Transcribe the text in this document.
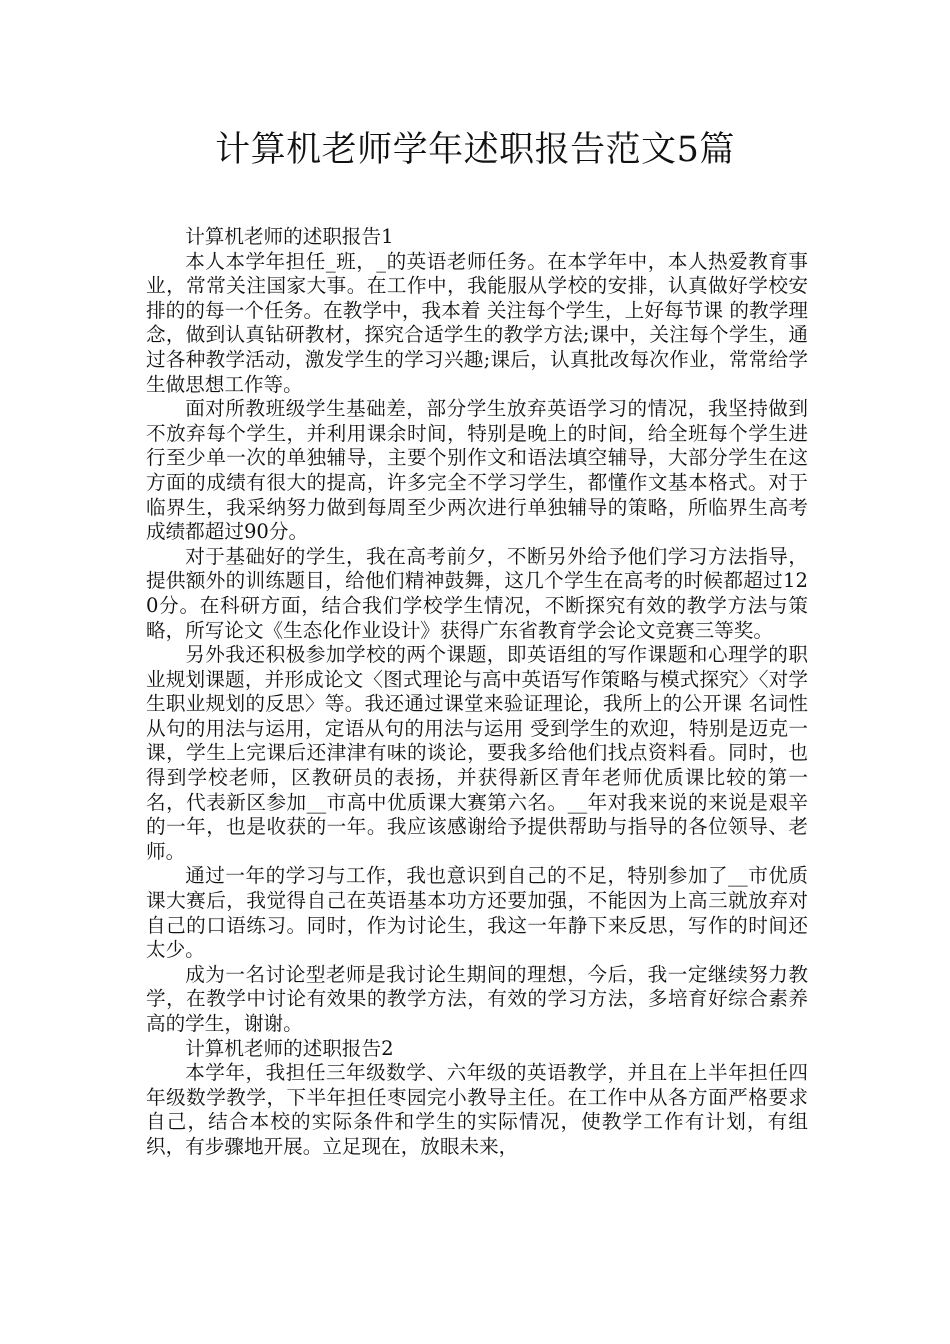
计算机老师学年述职报告范文5篇

计算机老师的述职报告1

本人本学年担任_班，_的英语老师任务。在本学年中，本人热爱教育事业，常常关注国家大事。在工作中，我能服从学校的安排，认真做好学校安排的的每一个任务。在教学中，我本着 关注每个学生，上好每节课 的教学理念，做到认真钻研教材，探究合适学生的教学方法;课中，关注每个学生，通过各种教学活动，激发学生的学习兴趣;课后，认真批改每次作业，常常给学生做思想工作等。

面对所教班级学生基础差，部分学生放弃英语学习的情况，我坚持做到不放弃每个学生，并利用课余时间，特别是晚上的时间，给全班每个学生进行至少单一次的单独辅导，主要个别作文和语法填空辅导，大部分学生在这方面的成绩有很大的提高，许多完全不学习学生，都懂作文基本格式。对于临界生，我采纳努力做到每周至少两次进行单独辅导的策略，所临界生高考成绩都超过90分。

对于基础好的学生，我在高考前夕，不断另外给予他们学习方法指导，提供额外的训练题目，给他们精神鼓舞，这几个学生在高考的时候都超过120分。在科研方面，结合我们学校学生情况，不断探究有效的教学方法与策略，所写论文《生态化作业设计》获得广东省教育学会论文竞赛三等奖。

另外我还积极参加学校的两个课题，即英语组的写作课题和心理学的职业规划课题，并形成论文〈图式理论与高中英语写作策略与模式探究〉〈对学生职业规划的反思〉等。我还通过课堂来验证理论，我所上的公开课 名词性从句的用法与运用，定语从句的用法与运用 受到学生的欢迎，特别是迈克一课，学生上完课后还津津有味的谈论，要我多给他们找点资料看。同时，也得到学校老师，区教研员的表扬，并获得新区青年老师优质课比较的第一名，代表新区参加__市高中优质课大赛第六名。__年对我来说的来说是艰辛的一年，也是收获的一年。我应该感谢给予提供帮助与指导的各位领导、老师。

通过一年的学习与工作，我也意识到自己的不足，特别参加了__市优质课大赛后，我觉得自己在英语基本功方还要加强，不能因为上高三就放弃对自己的口语练习。同时，作为讨论生，我这一年静下来反思，写作的时间还太少。

成为一名讨论型老师是我讨论生期间的理想，今后，我一定继续努力教学，在教学中讨论有效果的教学方法，有效的学习方法，多培育好综合素养高的学生，谢谢。

计算机老师的述职报告2

本学年，我担任三年级数学、六年级的英语教学，并且在上半年担任四年级数学教学，下半年担任枣园完小教导主任。在工作中从各方面严格要求自己，结合本校的实际条件和学生的实际情况，使教学工作有计划，有组织，有步骤地开展。立足现在，放眼未来，
